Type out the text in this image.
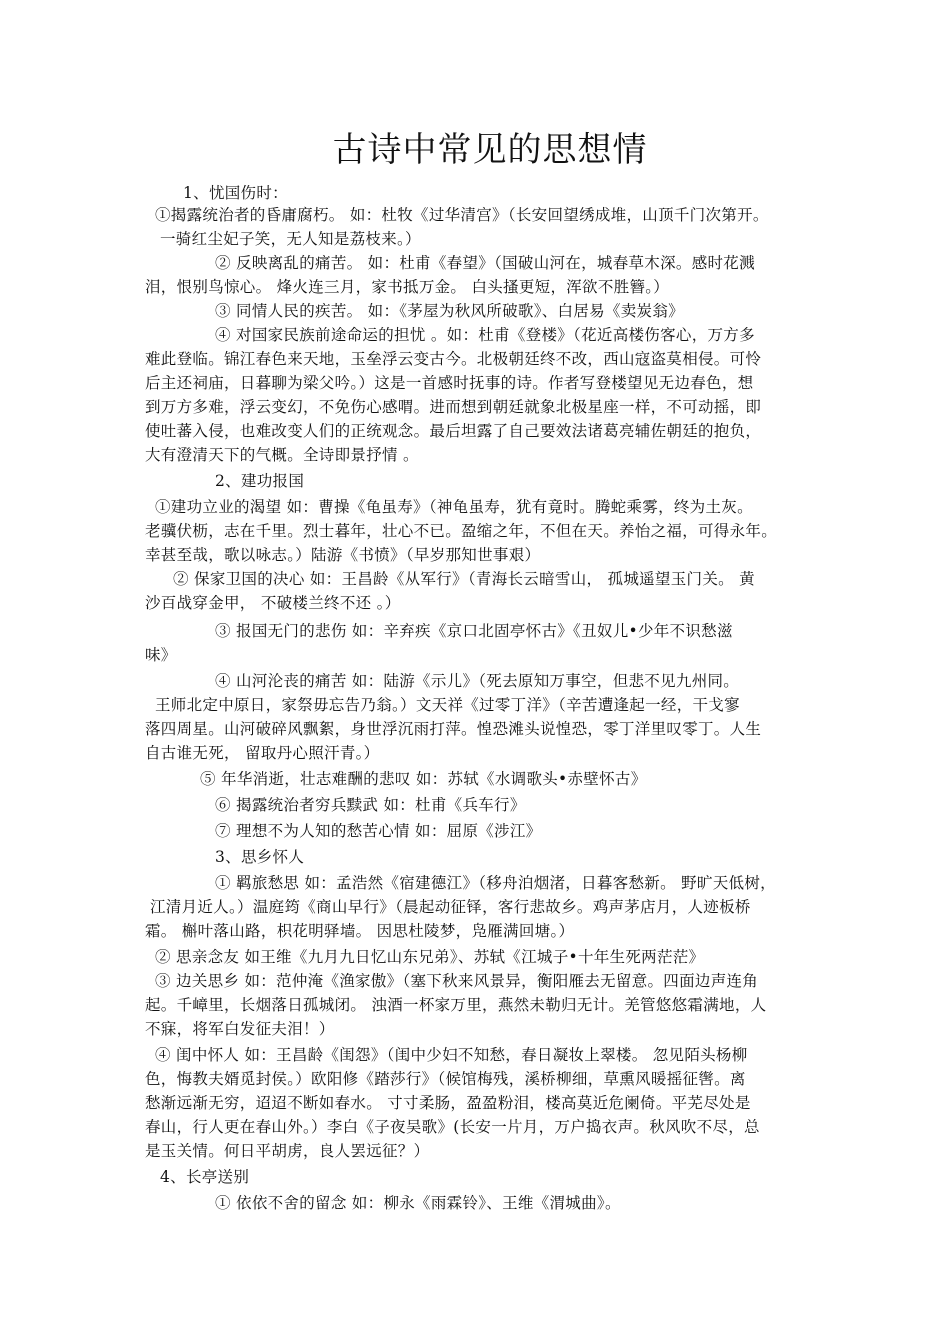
古诗中常见的思想情
1、忧国伤时：
①揭露统治者的昏庸腐朽。 如：杜牧《过华清宫》（长安回望绣成堆，山顶千门次第开。
一骑红尘妃子笑，无人知是荔枝来。）
② 反映离乱的痛苦。 如：杜甫《春望》（国破山河在，城春草木深。感时花溅
泪，恨别鸟惊心。 烽火连三月，家书抵万金。 白头搔更短，浑欲不胜簪。）
③ 同情人民的疾苦。 如：《茅屋为秋风所破歌》、白居易《卖炭翁》
④ 对国家民族前途命运的担忧 。如：杜甫《登楼》（花近高楼伤客心，万方多
难此登临。锦江春色来天地，玉垒浮云变古今。北极朝廷终不改，西山寇盗莫相侵。可怜
后主还祠庙，日暮聊为梁父吟。）这是一首感时抚事的诗。作者写登楼望见无边春色，想
到万方多难，浮云变幻，不免伤心感喟。进而想到朝廷就象北极星座一样，不可动摇，即
使吐蕃入侵，也难改变人们的正统观念。最后坦露了自己要效法诸葛亮辅佐朝廷的抱负，
大有澄清天下的气概。全诗即景抒情 。
2、建功报国
①建功立业的渴望 如：曹操《龟虽寿》（神龟虽寿，犹有竟时。腾蛇乘雾，终为土灰。
老骥伏枥，志在千里。烈士暮年，壮心不已。盈缩之年，不但在天。养怡之福，可得永年。
幸甚至哉，歌以咏志。）陆游《书愤》（早岁那知世事艰）
② 保家卫国的决心 如：王昌龄《从军行》（青海长云暗雪山， 孤城遥望玉门关。 黄
沙百战穿金甲， 不破楼兰终不还 。）
③ 报国无门的悲伤 如：辛弃疾《京口北固亭怀古》《丑奴儿•少年不识愁滋
味》
④ 山河沦丧的痛苦 如：陆游《示儿》（死去原知万事空，但悲不见九州同。
王师北定中原日，家祭毋忘告乃翁。）文天祥《过零丁洋》（辛苦遭逢起一经，干戈寥
落四周星。山河破碎风飘絮，身世浮沉雨打萍。惶恐滩头说惶恐，零丁洋里叹零丁。人生
自古谁无死， 留取丹心照汗青。）
⑤ 年华消逝，壮志难酬的悲叹 如：苏轼《水调歌头•赤壁怀古》
⑥ 揭露统治者穷兵黩武 如：杜甫《兵车行》
⑦ 理想不为人知的愁苦心情 如：屈原《涉江》
3、思乡怀人
① 羁旅愁思 如：孟浩然《宿建德江》（移舟泊烟渚，日暮客愁新。 野旷天低树，
江清月近人。）温庭筠《商山早行》（晨起动征铎，客行悲故乡。鸡声茅店月，人迹板桥
霜。 槲叶落山路，枳花明驿墙。 因思杜陵梦，凫雁满回塘。）
② 思亲念友 如王维《九月九日忆山东兄弟》、苏轼《江城子•十年生死两茫茫》
③ 边关思乡 如：范仲淹《渔家傲》（塞下秋来风景异，衡阳雁去无留意。四面边声连角
起。千嶂里，长烟落日孤城闭。 浊酒一杯家万里，燕然未勒归无计。羌管悠悠霜满地，人
不寐，将军白发征夫泪！）
④ 闺中怀人 如：王昌龄《闺怨》（闺中少妇不知愁，春日凝妆上翠楼。 忽见陌头杨柳
色，悔教夫婿觅封侯。）欧阳修《踏莎行》（候馆梅残，溪桥柳细，草熏风暖摇征辔。离
愁渐远渐无穷，迢迢不断如春水。 寸寸柔肠，盈盈粉泪，楼高莫近危阑倚。平芜尽处是
春山，行人更在春山外。）李白《子夜吴歌》(长安一片月，万户捣衣声。秋风吹不尽，总
是玉关情。何日平胡虏，良人罢远征？）
4、长亭送别
① 依依不舍的留念 如：柳永《雨霖铃》、王维《渭城曲》。
